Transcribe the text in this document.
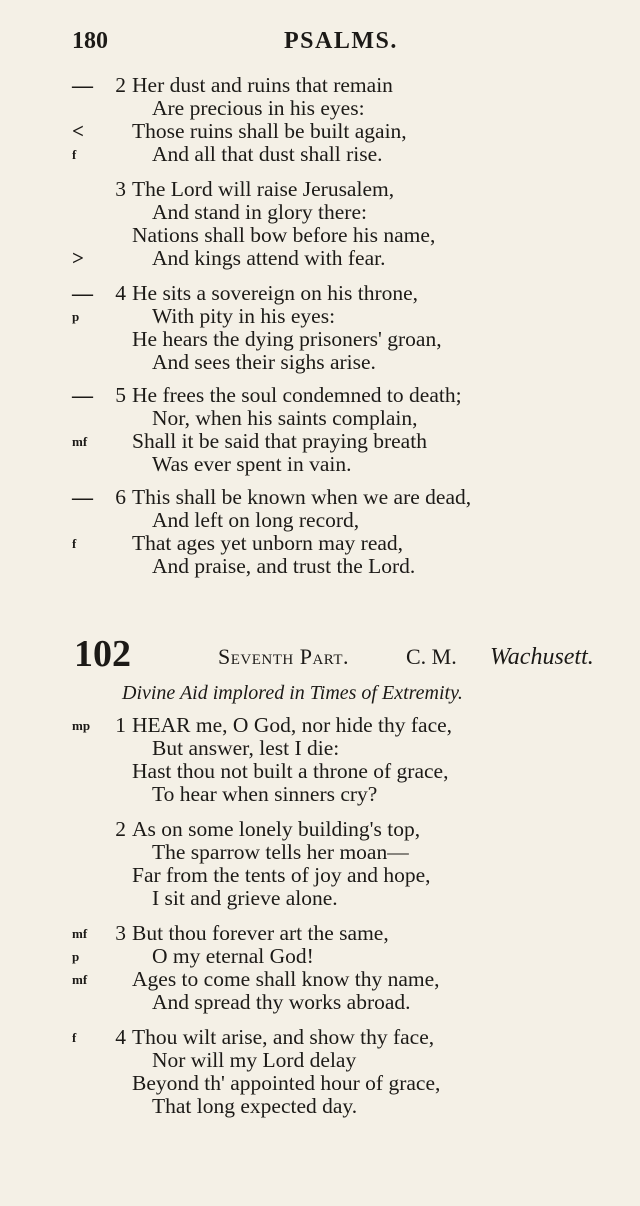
180	PSALMS.
—	2 Her dust and ruins that remain
Are precious in his eyes:
<	Those ruins shall be built again,
f	And all that dust shall rise.
3 The Lord will raise Jerusalem,
And stand in glory there:
Nations shall bow before his name,
>	And kings attend with fear.
—	4 He sits a sovereign on his throne,
p	With pity in his eyes:
He hears the dying prisoners' groan,
And sees their sighs arise.
—	5 He frees the soul condemned to death;
Nor, when his saints complain,
mf	Shall it be said that praying breath
Was ever spent in vain.
—	6 This shall be known when we are dead,
And left on long record,
f	That ages yet unborn may read,
And praise, and trust the Lord.
102	Seventh Part.	C. M. Wachusett.
Divine Aid implored in Times of Extremity.
mp	1 HEAR me, O God, nor hide thy face,
But answer, lest I die:
Hast thou not built a throne of grace,
To hear when sinners cry?
2 As on some lonely building's top,
The sparrow tells her moan—
Far from the tents of joy and hope,
I sit and grieve alone.
mf	3 But thou forever art the same,
p	O my eternal God!
mf	Ages to come shall know thy name,
And spread thy works abroad.
f	4 Thou wilt arise, and show thy face,
Nor will my Lord delay
Beyond th' appointed hour of grace,
That long expected day.
